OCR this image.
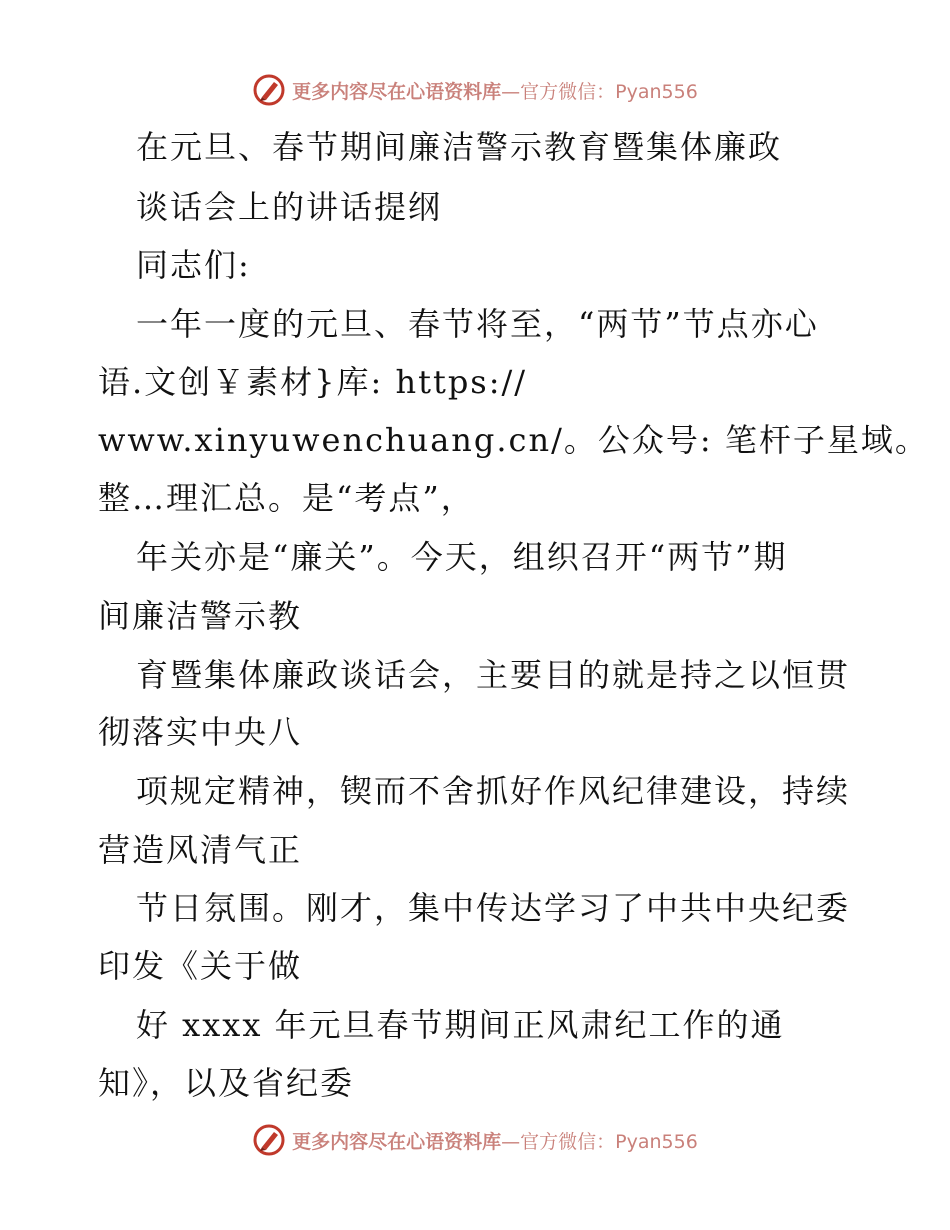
更多内容尽在心语资料库—官方微信：Pyan556
在元旦、春节期间廉洁警示教育暨集体廉政
谈话会上的讲话提纲
同志们:
一年一度的元旦、春节将至，“两节”节点亦心
语.文创￥素材}库: https://
www.xinyuwenchuang.cn/。公众号: 笔杆子星域。
整…理汇总。是“考点”，
年关亦是“廉关”。今天，组织召开“两节”期
间廉洁警示教
育暨集体廉政谈话会，主要目的就是持之以恒贯
彻落实中央八
项规定精神，锲而不舍抓好作风纪律建设，持续
营造风清气正
节日氛围。刚才，集中传达学习了中共中央纪委
印发《关于做
好 xxxx 年元旦春节期间正风肃纪工作的通
知》，以及省纪委
更多内容尽在心语资料库—官方微信：Pyan556
